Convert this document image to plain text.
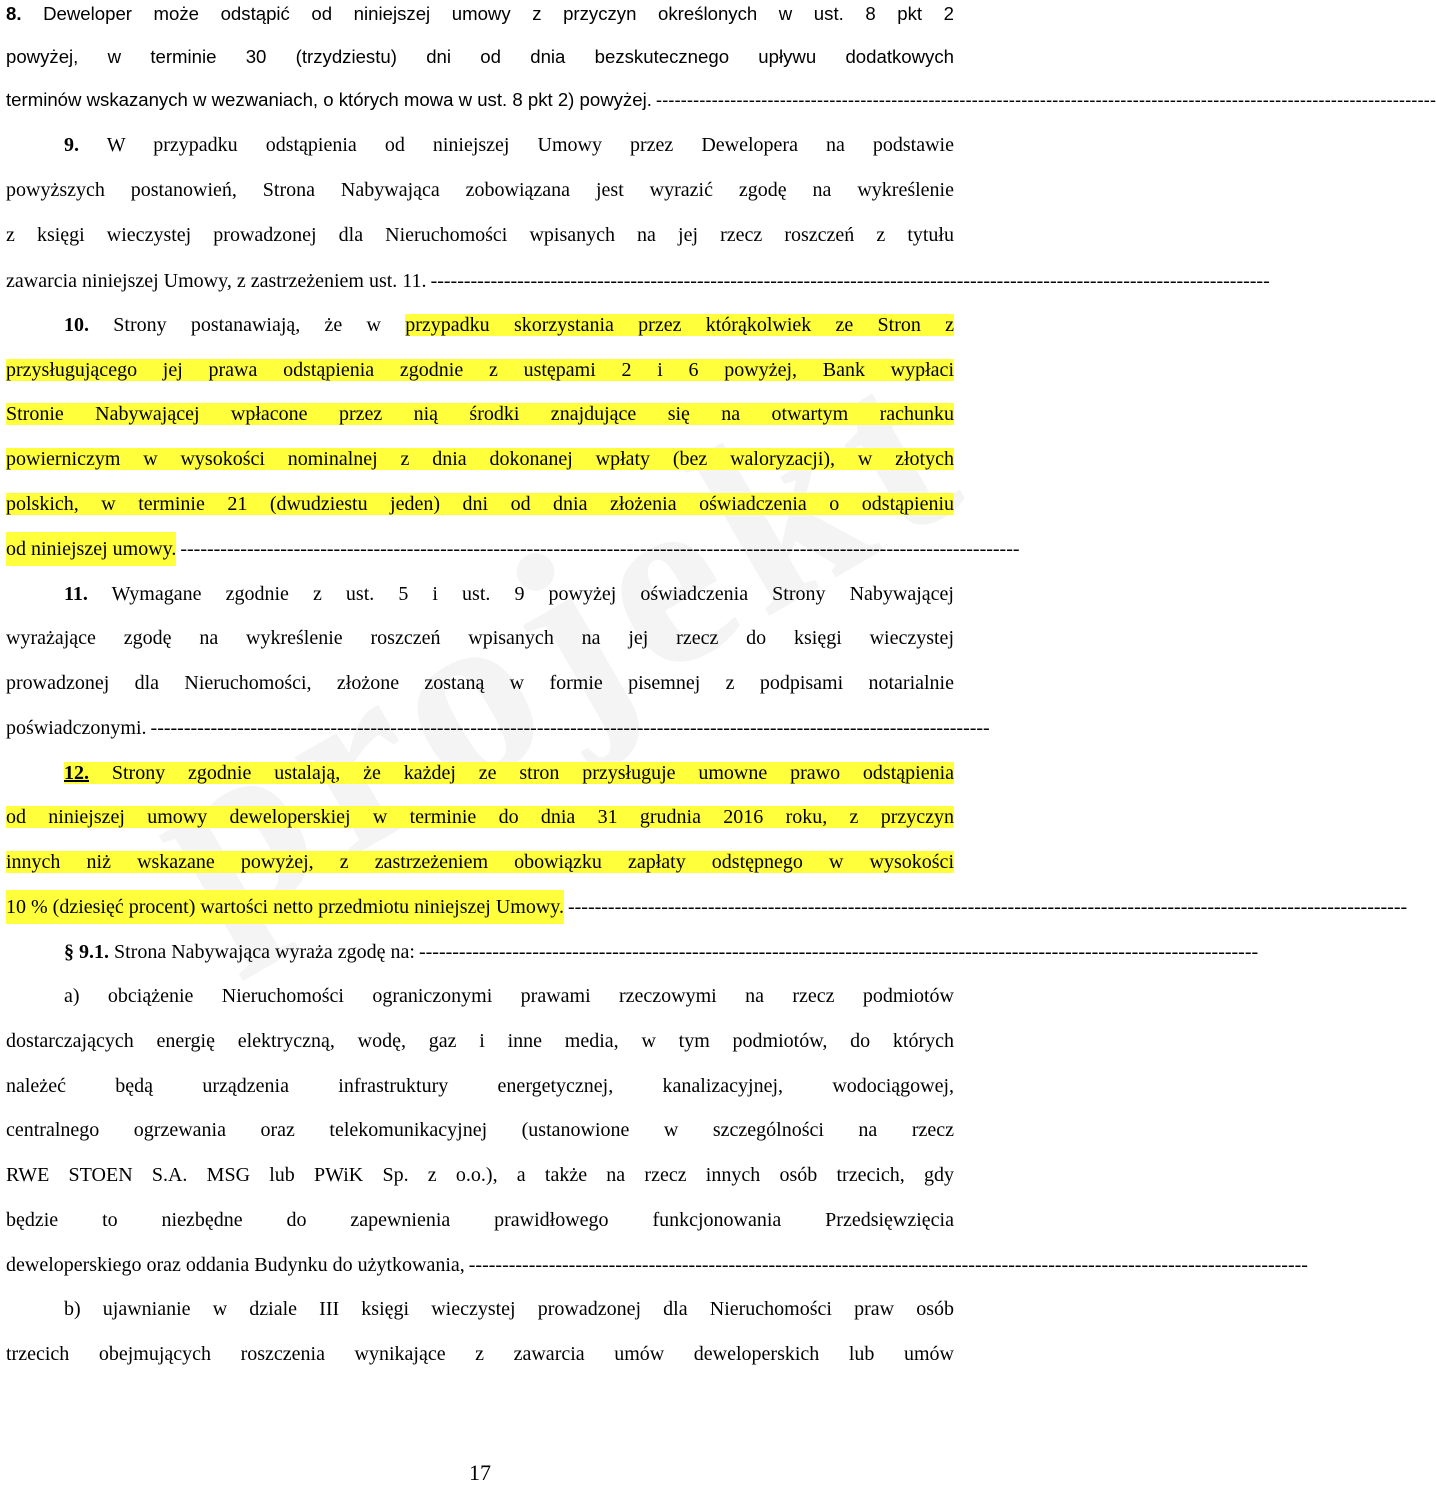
8. Deweloper może odstąpić od niniejszej umowy z przyczyn określonych w ust. 8 pkt 2
powyżej, w terminie 30 (trzydziestu) dni od dnia bezskutecznego upływu dodatkowych
terminów wskazanych w wezwaniach, o których mowa w ust. 8 pkt 2) powyżej. ------------------------------------------------------------------------------------------------------------------------------
9. W przypadku odstąpienia od niniejszej Umowy przez Dewelopera na podstawie
powyższych postanowień, Strona Nabywająca zobowiązana jest wyrazić zgodę na wykreślenie
z księgi wieczystej prowadzonej dla Nieruchomości wpisanych na jej rzecz roszczeń z tytułu
zawarcia niniejszej Umowy, z zastrzeżeniem ust. 11. ------------------------------------------------------------------------------------------------------------------------------
10. Strony postanawiają, że w przypadku skorzystania przez którąkolwiek ze Stron z
przysługującego jej prawa odstąpienia zgodnie z ustępami 2 i 6 powyżej, Bank wypłaci
Stronie Nabywającej wpłacone przez nią środki znajdujące się na otwartym rachunku
powierniczym w wysokości nominalnej z dnia dokonanej wpłaty (bez waloryzacji), w złotych
polskich, w terminie 21 (dwudziestu jeden) dni od dnia złożenia oświadczenia o odstąpieniu
od niniejszej umowy. ------------------------------------------------------------------------------------------------------------------------------
11. Wymagane zgodnie z ust. 5 i ust. 9 powyżej oświadczenia Strony Nabywającej
wyrażające zgodę na wykreślenie roszczeń wpisanych na jej rzecz do księgi wieczystej
prowadzonej dla Nieruchomości, złożone zostaną w formie pisemnej z podpisami notarialnie
poświadczonymi. ------------------------------------------------------------------------------------------------------------------------------
12. Strony zgodnie ustalają, że każdej ze stron przysługuje umowne prawo odstąpienia
od niniejszej umowy deweloperskiej w terminie do dnia 31 grudnia 2016 roku, z przyczyn
innych niż wskazane powyżej, z zastrzeżeniem obowiązku zapłaty odstępnego w wysokości
10 % (dziesięć procent) wartości netto przedmiotu niniejszej Umowy. ------------------------------------------------------------------------------------------------------------------------------
§ 9.1. Strona Nabywająca wyraża zgodę na: ------------------------------------------------------------------------------------------------------------------------------
a) obciążenie Nieruchomości ograniczonymi prawami rzeczowymi na rzecz podmiotów
dostarczających energię elektryczną, wodę, gaz i inne media, w tym podmiotów, do których
należeć będą urządzenia infrastruktury energetycznej, kanalizacyjnej, wodociągowej,
centralnego ogrzewania oraz telekomunikacyjnej (ustanowione w szczególności na rzecz
RWE STOEN S.A. MSG lub PWiK Sp. z o.o.), a także na rzecz innych osób trzecich, gdy
będzie to niezbędne do zapewnienia prawidłowego funkcjonowania Przedsięwzięcia
deweloperskiego oraz oddania Budynku do użytkowania, ------------------------------------------------------------------------------------------------------------------------------
b) ujawnianie w dziale III księgi wieczystej prowadzonej dla Nieruchomości praw osób
trzecich obejmujących roszczenia wynikające z zawarcia umów deweloperskich lub umów
17
